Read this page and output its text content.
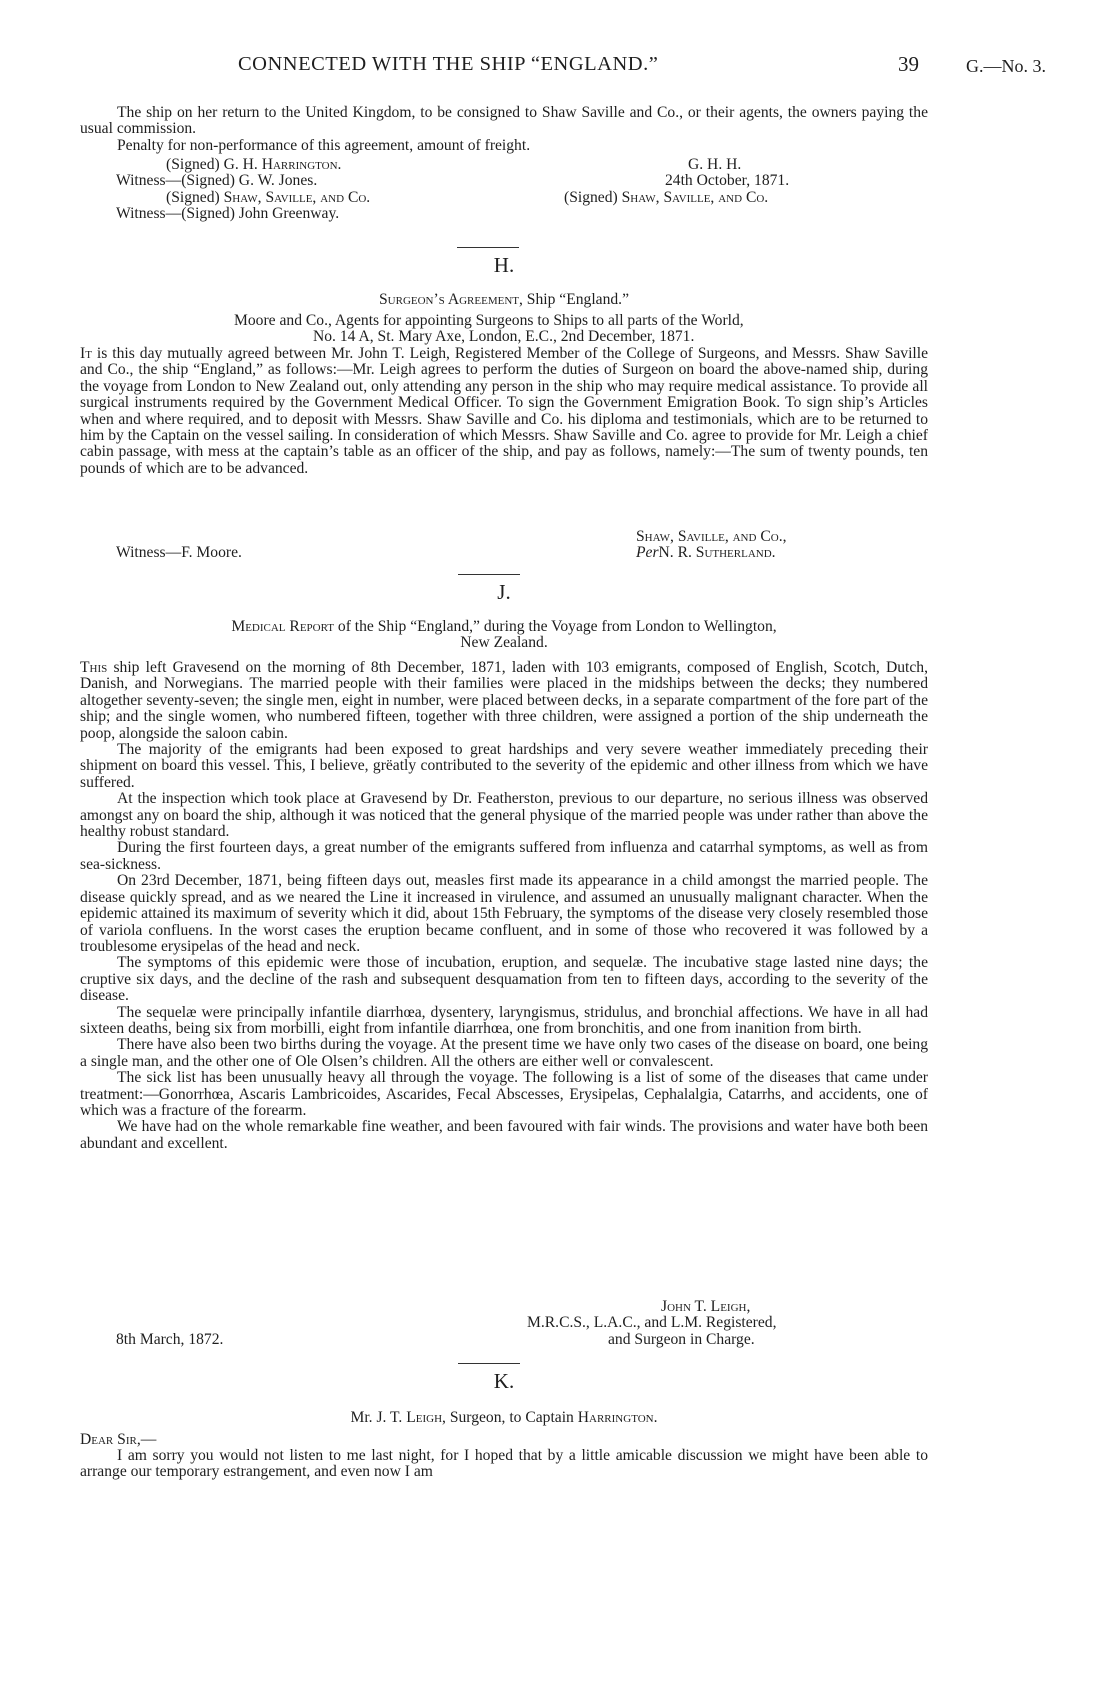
CONNECTED WITH THE SHIP “ENGLAND.”	39	G.—No. 3.

The ship on her return to the United Kingdom, to be consigned to Shaw Saville and Co., or their agents, the owners paying the usual commission.

Penalty for non-performance of this agreement, amount of freight.

(Signed) G. H. Harrington.	G. H. H.
Witness—(Signed) G. W. Jones.	24th October, 1871.
(Signed) Shaw, Saville, and Co.	(Signed) Shaw, Saville, and Co.
Witness—(Signed) John Greenway.
H.
Surgeon’s Agreement, Ship “England.”
Moore and Co., Agents for appointing Surgeons to Ships to all parts of the World,
No. 14 A, St. Mary Axe, London, E.C., 2nd December, 1871.

It is this day mutually agreed between Mr. John T. Leigh, Registered Member of the College of Surgeons, and Messrs. Shaw Saville and Co., the ship “England,” as follows:—Mr. Leigh agrees to perform the duties of Surgeon on board the above-named ship, during the voyage from London to New Zealand out, only attending any person in the ship who may require medical assistance. To provide all surgical instruments required by the Government Medical Officer. To sign the Government Emigration Book. To sign ship’s Articles when and where required, and to deposit with Messrs. Shaw Saville and Co. his diploma and testimonials, which are to be returned to him by the Captain on the vessel sailing. In consideration of which Messrs. Shaw Saville and Co. agree to provide for Mr. Leigh a chief cabin passage, with mess at the captain’s table as an officer of the ship, and pay as follows, namely:—The sum of twenty pounds, ten pounds of which are to be advanced.

Shaw, Saville, and Co.,
Witness—F. Moore.	Per N. R. Sutherland.
J.
Medical Report of the Ship “England,” during the Voyage from London to Wellington,
New Zealand.

This ship left Gravesend on the morning of 8th December, 1871, laden with 103 emigrants, composed of English, Scotch, Dutch, Danish, and Norwegians. The married people with their families were placed in the midships between the decks; they numbered altogether seventy-seven; the single men, eight in number, were placed between decks, in a separate compartment of the fore part of the ship; and the single women, who numbered fifteen, together with three children, were assigned a portion of the ship underneath the poop, alongside the saloon cabin.

The majority of the emigrants had been exposed to great hardships and very severe weather immediately preceding their shipment on board this vessel. This, I believe, grëatly contributed to the severity of the epidemic and other illness from which we have suffered.

At the inspection which took place at Gravesend by Dr. Featherston, previous to our departure, no serious illness was observed amongst any on board the ship, although it was noticed that the general physique of the married people was under rather than above the healthy robust standard.

During the first fourteen days, a great number of the emigrants suffered from influenza and catarrhal symptoms, as well as from sea-sickness.

On 23rd December, 1871, being fifteen days out, measles first made its appearance in a child amongst the married people. The disease quickly spread, and as we neared the Line it increased in virulence, and assumed an unusually malignant character. When the epidemic attained its maximum of severity which it did, about 15th February, the symptoms of the disease very closely resembled those of variola confluens. In the worst cases the eruption became confluent, and in some of those who recovered it was followed by a troublesome erysipelas of the head and neck.

The symptoms of this epidemic were those of incubation, eruption, and sequelæ. The incubative stage lasted nine days; the cruptive six days, and the decline of the rash and subsequent desquamation from ten to fifteen days, according to the severity of the disease.

The sequelæ were principally infantile diarrhœa, dysentery, laryngismus, stridulus, and bronchial affections. We have in all had sixteen deaths, being six from morbilli, eight from infantile diarrhœa, one from bronchitis, and one from inanition from birth.

There have also been two births during the voyage. At the present time we have only two cases of the disease on board, one being a single man, and the other one of Ole Olsen’s children. All the others are either well or convalescent.

The sick list has been unusually heavy all through the voyage. The following is a list of some of the diseases that came under treatment:—Gonorrhœa, Ascaris Lambricoides, Ascarides, Fecal Abscesses, Erysipelas, Cephalalgia, Catarrhs, and accidents, one of which was a fracture of the forearm.

We have had on the whole remarkable fine weather, and been favoured with fair winds. The provisions and water have both been abundant and excellent.

John T. Leigh,
M.R.C.S., L.A.C., and L.M. Registered,
8th March, 1872.	and Surgeon in Charge.
K.
Mr. J. T. Leigh, Surgeon, to Captain Harrington.
Dear Sir,—

I am sorry you would not listen to me last night, for I hoped that by a little amicable discussion we might have been able to arrange our temporary estrangement, and even now I am
